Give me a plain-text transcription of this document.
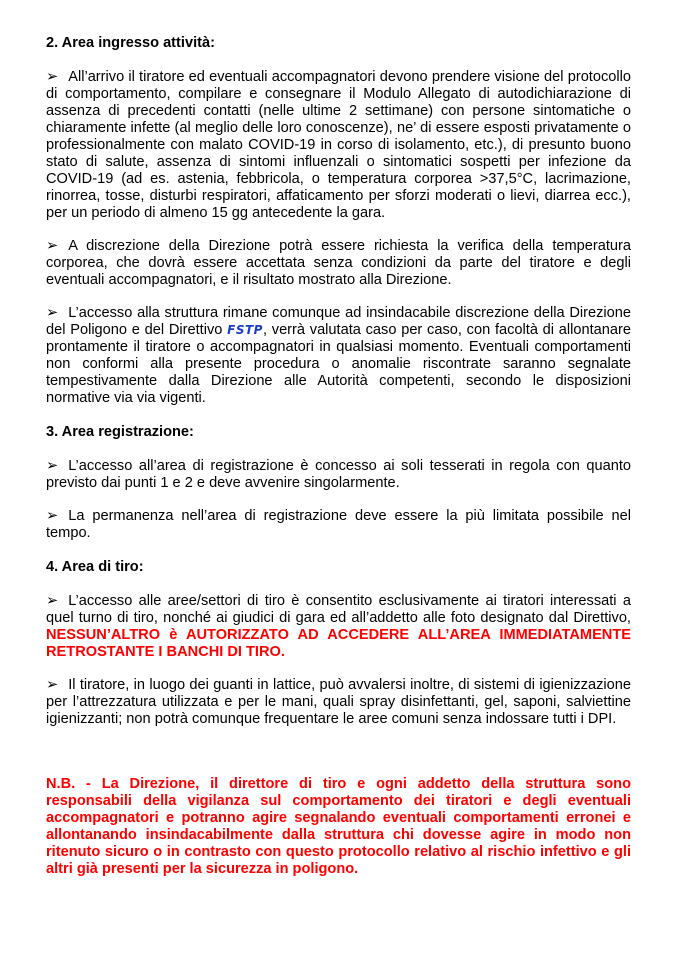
2. Area ingresso attività:

➢ All’arrivo il tiratore ed eventuali accompagnatori devono prendere visione del protocollo di comportamento, compilare e consegnare il Modulo Allegato di autodichiarazione di assenza di precedenti contatti (nelle ultime 2 settimane) con persone sintomatiche o chiaramente infette (al meglio delle loro conoscenze), ne’ di essere esposti privatamente o professionalmente con malato COVID-19 in corso di isolamento, etc.), di presunto buono stato di salute, assenza di sintomi influenzali o sintomatici sospetti per infezione da COVID-19 (ad es. astenia, febbricola, o temperatura corporea >37,5°C, lacrimazione, rinorrea, tosse, disturbi respiratori, affaticamento per sforzi moderati o lievi, diarrea ecc.), per un periodo di almeno 15 gg antecedente la gara.

➢ A discrezione della Direzione potrà essere richiesta la verifica della temperatura corporea, che dovrà essere accettata senza condizioni da parte del tiratore e degli eventuali accompagnatori, e il risultato mostrato alla Direzione.

➢ L’accesso alla struttura rimane comunque ad insindacabile discrezione della Direzione del Poligono e del Direttivo FSTP, verrà valutata caso per caso, con facoltà di allontanare prontamente il tiratore o accompagnatori in qualsiasi momento. Eventuali comportamenti non conformi alla presente procedura o anomalie riscontrate saranno segnalate tempestivamente dalla Direzione alle Autorità competenti, secondo le disposizioni normative via via vigenti.

3. Area registrazione:

➢ L’accesso all’area di registrazione è concesso ai soli tesserati in regola con quanto previsto dai punti 1 e 2 e deve avvenire singolarmente.

➢ La permanenza nell’area di registrazione deve essere la più limitata possibile nel tempo.

4. Area di tiro:

➢ L’accesso alle aree/settori di tiro è consentito esclusivamente ai tiratori interessati a quel turno di tiro, nonché ai giudici di gara ed all’addetto alle foto designato dal Direttivo, NESSUN’ALTRO è AUTORIZZATO AD ACCEDERE ALL’AREA IMMEDIATAMENTE RETROSTANTE I BANCHI DI TIRO.

➢ Il tiratore, in luogo dei guanti in lattice, può avvalersi inoltre, di sistemi di igienizzazione per l’attrezzatura utilizzata e per le mani, quali spray disinfettanti, gel, saponi, salviettine igienizzanti; non potrà comunque frequentare le aree comuni senza indossare tutti i DPI.

N.B. - La Direzione, il direttore di tiro e ogni addetto della struttura sono responsabili della vigilanza sul comportamento dei tiratori e degli eventuali accompagnatori e potranno agire segnalando eventuali comportamenti erronei e allontanando insindacabilmente dalla struttura chi dovesse agire in modo non ritenuto sicuro o in contrasto con questo protocollo relativo al rischio infettivo e gli altri già presenti per la sicurezza in poligono.
